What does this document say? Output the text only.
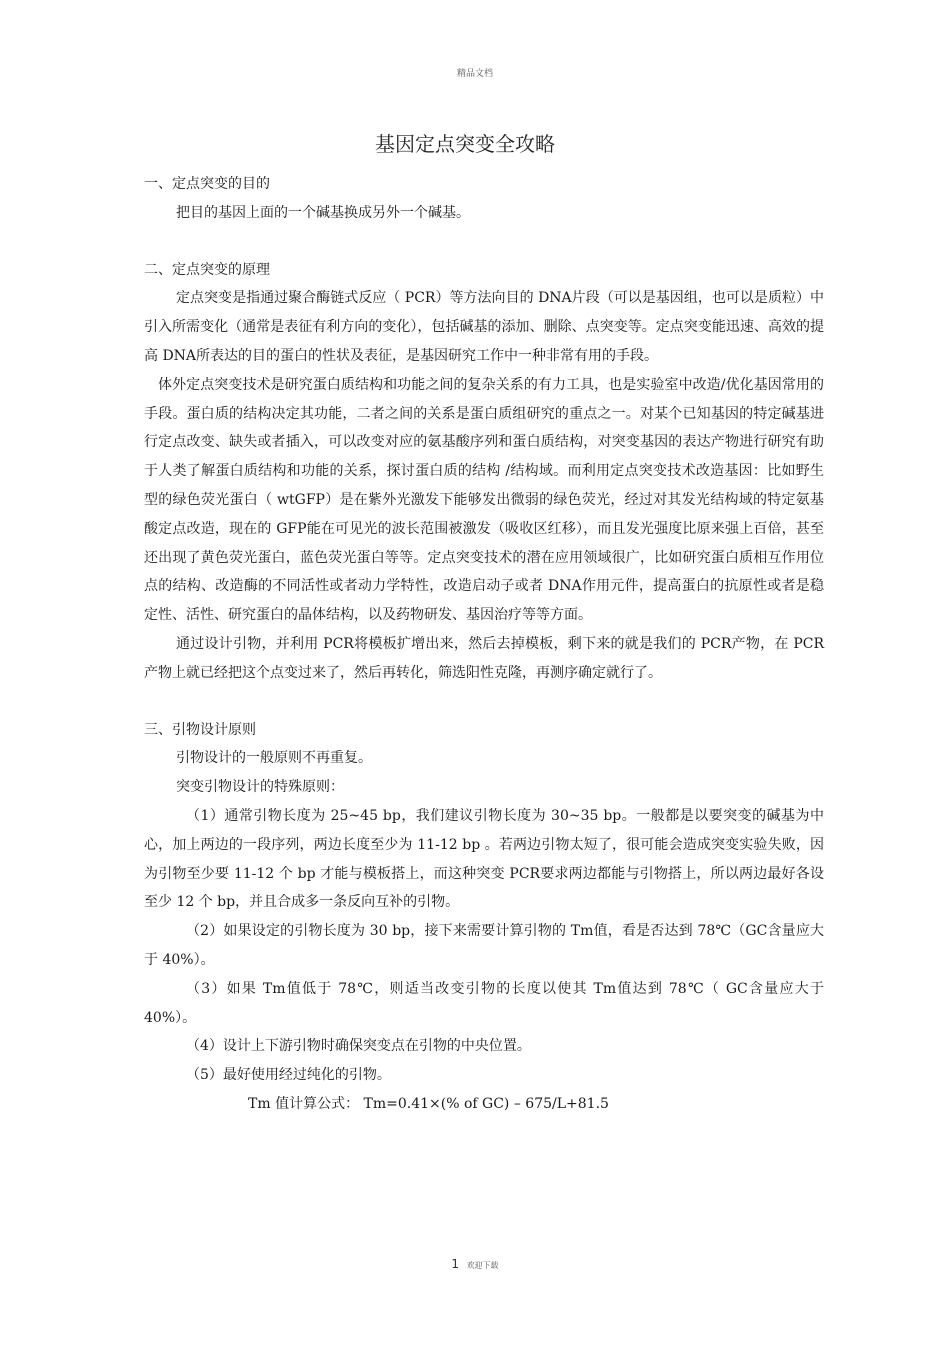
精品文档
基因定点突变全攻略

一、定点突变的目的

把目的基因上面的一个碱基换成另外一个碱基。

二、定点突变的原理

定点突变是指通过聚合酶链式反应（ PCR）等方法向目的 DNA片段（可以是基因组，也可以是质粒）中引入所需变化（通常是表征有利方向的变化），包括碱基的添加、删除、点突变等。定点突变能迅速、高效的提高 DNA所表达的目的蛋白的性状及表征，是基因研究工作中一种非常有用的手段。

体外定点突变技术是研究蛋白质结构和功能之间的复杂关系的有力工具，也是实验室中改造/优化基因常用的手段。蛋白质的结构决定其功能，二者之间的关系是蛋白质组研究的重点之一。对某个已知基因的特定碱基进行定点改变、缺失或者插入，可以改变对应的氨基酸序列和蛋白质结构，对突变基因的表达产物进行研究有助于人类了解蛋白质结构和功能的关系，探讨蛋白质的结构 /结构域。而利用定点突变技术改造基因：比如野生型的绿色荧光蛋白（ wtGFP）是在紫外光激发下能够发出微弱的绿色荧光，经过对其发光结构域的特定氨基酸定点改造，现在的 GFP能在可见光的波长范围被激发（吸收区红移），而且发光强度比原来强上百倍，甚至还出现了黄色荧光蛋白，蓝色荧光蛋白等等。定点突变技术的潜在应用领域很广，比如研究蛋白质相互作用位点的结构、改造酶的不同活性或者动力学特性，改造启动子或者 DNA作用元件，提高蛋白的抗原性或者是稳定性、活性、研究蛋白的晶体结构，以及药物研发、基因治疗等等方面。

通过设计引物，并利用 PCR将模板扩增出来，然后去掉模板，剩下来的就是我们的 PCR产物，在 PCR产物上就已经把这个点变过来了，然后再转化，筛选阳性克隆，再测序确定就行了。

三、引物设计原则

引物设计的一般原则不再重复。

突变引物设计的特殊原则：

（1）通常引物长度为 25~45 bp，我们建议引物长度为 30~35 bp。一般都是以要突变的碱基为中心，加上两边的一段序列，两边长度至少为 11-12 bp 。若两边引物太短了，很可能会造成突变实验失败，因为引物至少要 11-12 个 bp 才能与模板搭上，而这种突变 PCR要求两边都能与引物搭上，所以两边最好各设至少 12 个 bp，并且合成多一条反向互补的引物。

（2）如果设定的引物长度为 30 bp，接下来需要计算引物的 Tm值，看是否达到 78℃（GC含量应大于 40%）。

（3）如果 Tm值低于 78℃，则适当改变引物的长度以使其 Tm值达到 78℃（ GC含量应大于 40%）。

（4）设计上下游引物时确保突变点在引物的中央位置。

（5）最好使用经过纯化的引物。

Tm 值计算公式： Tm=0.41×(% of GC) – 675/L+81.5

1 欢迎下载
